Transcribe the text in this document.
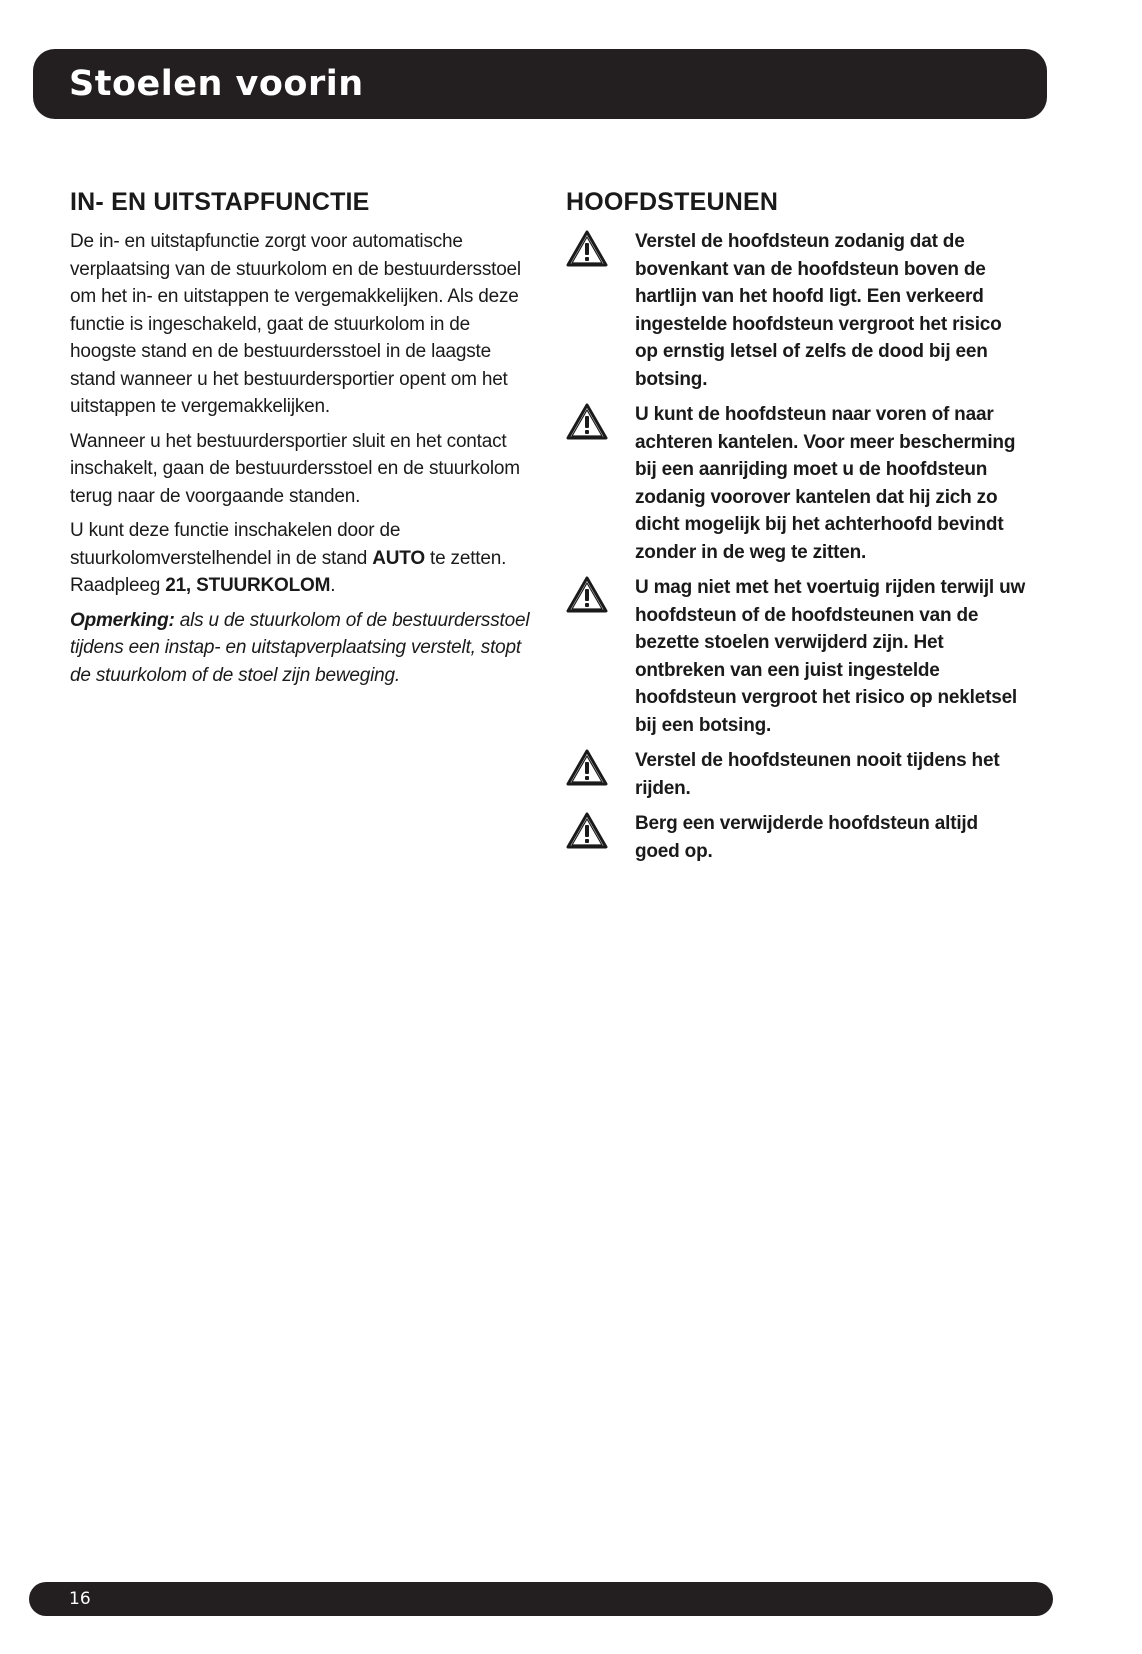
Stoelen voorin
IN- EN UITSTAPFUNCTIE

De in- en uitstapfunctie zorgt voor automatische verplaatsing van de stuurkolom en de bestuurdersstoel om het in- en uitstappen te vergemakkelijken. Als deze functie is ingeschakeld, gaat de stuurkolom in de hoogste stand en de bestuurdersstoel in de laagste stand wanneer u het bestuurdersportier opent om het uitstappen te vergemakkelijken.

Wanneer u het bestuurdersportier sluit en het contact inschakelt, gaan de bestuurdersstoel en de stuurkolom terug naar de voorgaande standen.

U kunt deze functie inschakelen door de stuurkolomverstelhendel in de stand AUTO te zetten. Raadpleeg 21, STUURKOLOM.

Opmerking: als u de stuurkolom of de bestuurdersstoel tijdens een instap- en uitstapverplaatsing verstelt, stopt de stuurkolom of de stoel zijn beweging.

HOOFDSTEUNEN
Verstel de hoofdsteun zodanig dat de bovenkant van de hoofdsteun boven de hartlijn van het hoofd ligt. Een verkeerd ingestelde hoofdsteun vergroot het risico op ernstig letsel of zelfs de dood bij een botsing.
U kunt de hoofdsteun naar voren of naar achteren kantelen. Voor meer bescherming bij een aanrijding moet u de hoofdsteun zodanig voorover kantelen dat hij zich zo dicht mogelijk bij het achterhoofd bevindt zonder in de weg te zitten.
U mag niet met het voertuig rijden terwijl uw hoofdsteun of de hoofdsteunen van de bezette stoelen verwijderd zijn. Het ontbreken van een juist ingestelde hoofdsteun vergroot het risico op nekletsel bij een botsing.
Verstel de hoofdsteunen nooit tijdens het rijden.
Berg een verwijderde hoofdsteun altijd goed op.
16
